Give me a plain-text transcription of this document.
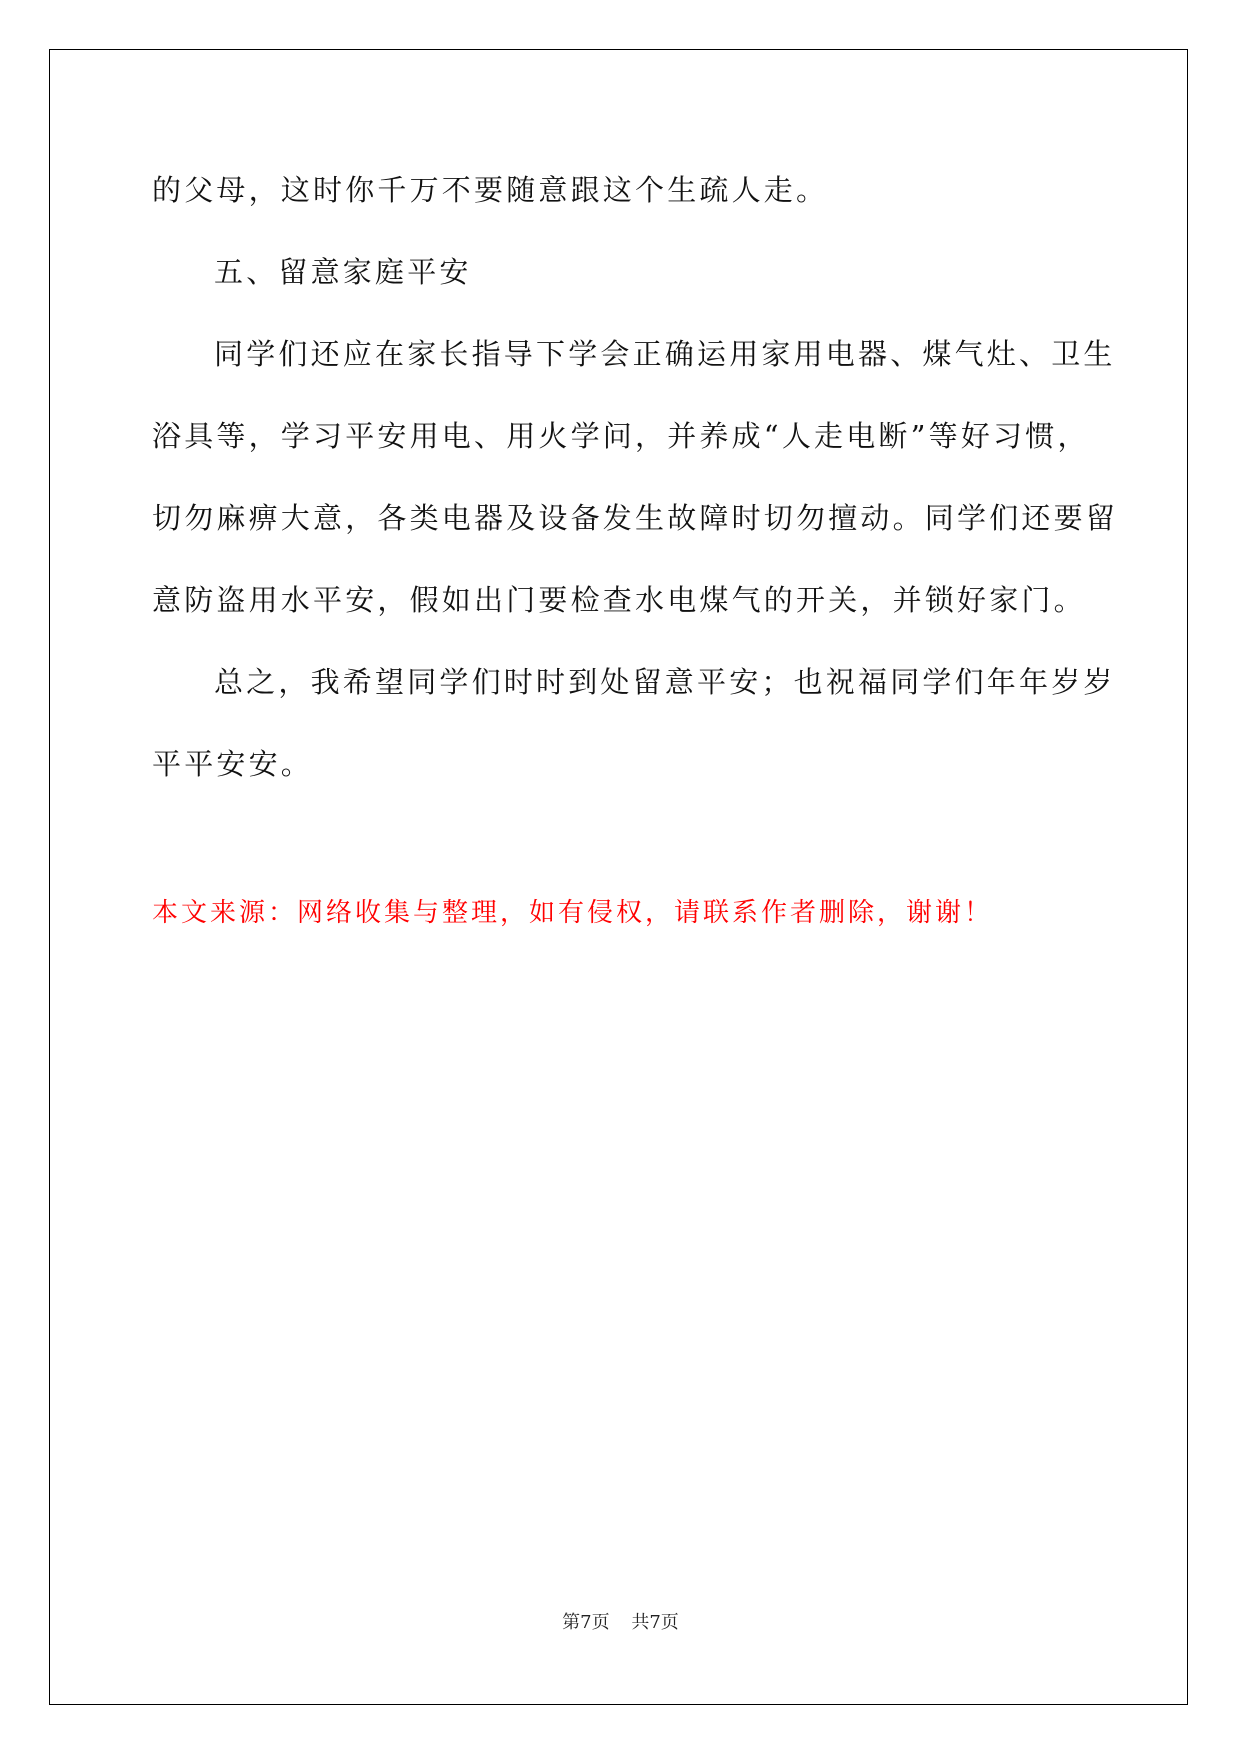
的父母，这时你千万不要随意跟这个生疏人走。
五、留意家庭平安
同学们还应在家长指导下学会正确运用家用电器、煤气灶、卫生
浴具等，学习平安用电、用火学问，并养成“人走电断”等好习惯，
切勿麻痹大意，各类电器及设备发生故障时切勿擅动。同学们还要留
意防盗用水平安，假如出门要检查水电煤气的开关，并锁好家门。
总之，我希望同学们时时到处留意平安；也祝福同学们年年岁岁
平平安安。
本文来源：网络收集与整理，如有侵权，请联系作者删除，谢谢！
第7页 共7页
